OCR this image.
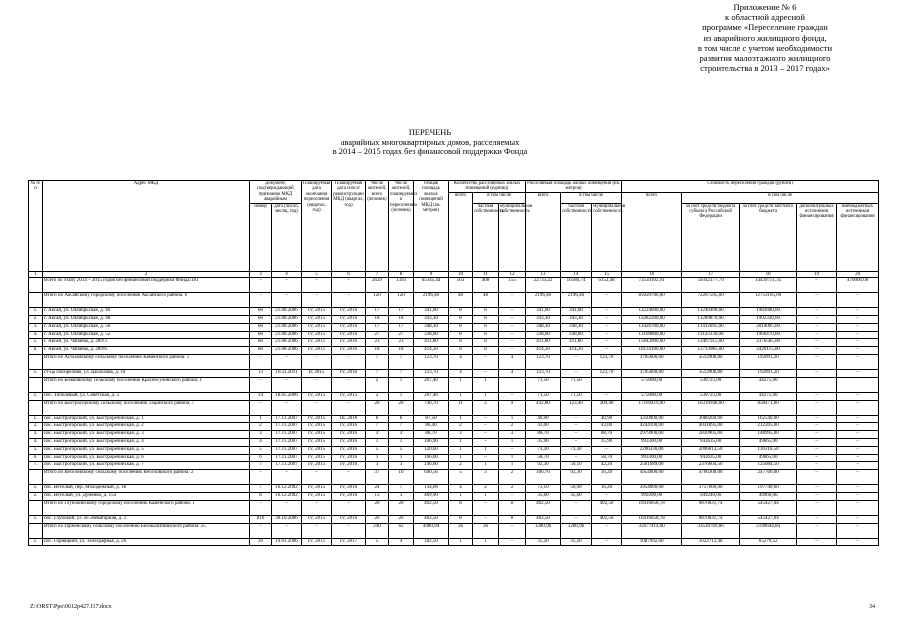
Приложение № 6
к областной адресной
программе «Переселение граждан
из аварийного жилищного фонда,
в том числе с учетом необходимости
развития малоэтажного жилищного
строительства в 2013 – 2017 годах»
ПЕРЕЧЕНЬ
аварийных многоквартирных домов, расселяемых
в 2014 – 2015 годах без финансовой поддержки Фонда
№ п/п	Адрес МКД	Документ, подтверждающий признание МКД аварийным		Планируемая дата окончания переселения (квартал, год)	Планируемая дата сноса/ реконструкции МКД (квартал, год)	Число жителей, всего (человек)	Число жителей, планируемых к переселению (человек)	Общая площадь жилых помещений МКД (кв. метров)	Количество расселяемых жилых помещений (единиц)			Расселяемая площадь жилых помещений (кв. метров)			Стоимость переселения граждан (рублей)				
									всего	в том числе		всего	в том числе		всего	в том числе			
		номер	дата (число, месяц, год)							частная собственность	муниципальная собственность		частная собственность	муниципальная собственность		за счет средств бюджета субъекта Российской Федерации	за счет средств местного бюджета	дополнительных источников финансирования	внебюджетных источников финансирования
1	2	3	4	5	6	7	8	9	10	11	12	13	14	15	16	17	18	19	20
	Всего по этапу 2014 – 2015 годов без финансовой поддержки Фонда:181	–	–	–	–	2629	1393	65345,44	563	408	155	22733,22	16580,74	6152,48	73539102,91	59342177,79	14439751,35	–	470000,00
	Итого по Аксайскому городскому поселению Аксайского района: 6	–	–	–	–	120	120	2196,40	48	48	–	2196,40	2196,40	–	85020700,00	72267595,00	12753105,00	–	–
1.	г. Аксай, ул. Октябрьская, д. 46	6н	21.08.2006	IV, 2015	IV, 2016	17	17	341,00	8	8	–	341,00	341,00	–	13224000,00	11240400,00	1983600,00	–	–
2.	г. Аксай, ул. Октябрьская, д. 48	6н	21.08.2006	IV, 2015	IV, 2016	18	18	343,30	8	8	–	343,30	343,30	–	13282200,00	11289870,00	1992330,00	–	–
3.	г. Аксай, ул. Октябрьская, д. 50	6н	21.08.2006	IV, 2015	IV, 2016	17	17	348,30	8	8	–	348,30	348,30	–	13426700,00	11412695,00	2014005,00	–	–
4.	г. Аксай, ул. Октябрьская, д. 52	6н	21.08.2006	IV, 2015	IV, 2016	27	27	338,00	8	8	–	338,00	338,00	–	13109800,00	11143330,00	1966470,00	–	–
5.	г. Аксай, ул. Чапаева, д. 289/3	6н	21.08.2006	IV, 2015	IV, 2016	23	23	411,80	8	8	–	411,80	411,80	–	15843900,00	13467315,00	2376585,00	–	–
6.	г. Аксай, ул. Чапаева, д. 289/6	6н	21.08.2006	IV, 2015	IV, 2016	18	18	414,20	8	8	–	414,20	414,20	–	16134100,00	13713985,00	2420115,00	–	–
	Итого по Астаховскому сельскому поселению Каменского района: 1	–	–	–	–	7	7	123,70	4	–	4	123,70	–	123,70	3705000,00	3512908,80	192091,20	–	–
1.	ст-ца Погорелово, ул. Шолохова, д. 10	13	10.11.2011	II, 2015	IV, 2016	7	7	123,70	4	–	4	123,70	–	123,70	3705000,00	3512908,80	192091,20	–	–
	Итого по Божковскому сельскому поселению Красносулинского района: 1	–	–	–	–	2	1	207,40	1	1		71,50	71,50		575000,00	530725,00	44275,00		
1.	пос. Тополевый, ул. Советская, д. 2	14	18.05.2006	IV, 2015	IV, 2015	2	1	207,40	1	1	–	71,50	71,50	–	575000,00	530725,00	44275,00	–	–
	Итого по Быстрогорскому сельскому поселению Тацинского района: 7	–	–	–	–	26	26	746,70	11	2	9	432,80	123,40	309,40	17169419,00	16310948,00	858471,00	–	–
1.	пос. Быстрогорский, ул. Быстроречинская, д. 1	1	17.11.2007	IV, 2015	III, 2016	6	6	87,50	1	–	1	40,90	–	40,90	3250900,00	3088260,00	162540,00	–	–
2.	пос. Быстрогорский, ул. Быстроречинская, д. 2	2	17.11.2007	IV, 2015	IV, 2016	7	7	86,40	2	–	2	43,00	–	43,00	4244100,00	4031895,00	212205,00	–	–
3.	пос. Быстрогорский, ул. Быстроречинская, д. 3	3	17.11.2007	IV, 2015	IV, 2016	3	3	88,70	3	–	3	88,70	–	88,70	2979900,00	2830905,00	148995,00	–	–
4.	пос. Быстрогорский, ул. Быстроречинская, д. 4	4	17.11.2007	IV, 2015	IV, 2016	1	1	106,90	1	–	1	35,90	–	35,90	993300,00	943635,00	49665,00	–	–
5.	пос. Быстрогорский, ул. Быстроречинская, д. 5	5	17.11.2007	IV, 2015	IV, 2016	5	5	120,60	1	1	–	73,30	73,30	–	2206330,00	2096013,50	110316,50	–	–
6.	пос. Быстрогорский, ул. Быстроречинская, д. 6	6	17.11.2007	IV, 2015	IV, 2016	1	1	166,00	1	–	1	58,70	–	58,70	993300,00	943635,00	49665,00	–	–
7.	пос. Быстрогорский, ул. Быстроречинская, д. 7	7	17.11.2007	IV, 2015	IV, 2016	3	3	146,60	2	1	1	92,30	50,10	42,20	2501689,00	2376604,50	125084,50	–	–
	Итого по Веселовскому сельскому поселению Веселовского района: 2	–	–	–	–	37	10	640,56	5	3	2	106,70	92,30	16,20	4954000,00	4706300,00	247700,00	–	–
1.	пос. Веселый, пер. Молодежный, д. 18	7	16.12.2002	IV, 2015	IV, 2016	24	7	134,66	4	2	2	73,10	56,90	16,20	3954000,00	3757060,00	197740,00	–	–
2.	пос. Веселый, ул. Думенко, д. 154	8	16.12.2002	IV, 2015	IV, 2016	13	3	469,90	1	1	–	35,60	35,60	–	999200,00	949240,00	49960,00	–	–
	Итого по Глубокинскому городскому поселению Каменского района: 1	–	–	–	–	20	20	402,50	8	–	8	402,50	–	402,50	10416058,78	9870631,74	545427,04	–	–
1.	пос. Глубокий, ул. Н-Элеваторная, д. 2	816	30.10.2006	IV, 2015	IV, 2016	20	20	402,50	8	–	8	402,50	–	402,50	10416058,78	9870631,74	545427,04	–	–
	Итого по Горненскому сельскому поселению Белокалитвинского района: 25	–	–	–	–	240	62	4980,94	36	36	–	1280,96	1280,96	–	35677414,00	33536769,86	2140644,84	–	–
1.	пос. Горняцкий, ул. Телеграфная, д. 26	20	19.01.2006	IV, 2015	IV, 2017	5	4	182,50	1	1	–	35,20	35,20	–	1087992,00	1022712,48	65279,52	–	–
Z:\ORST\Ppo\0612p427.f17.docx	34
